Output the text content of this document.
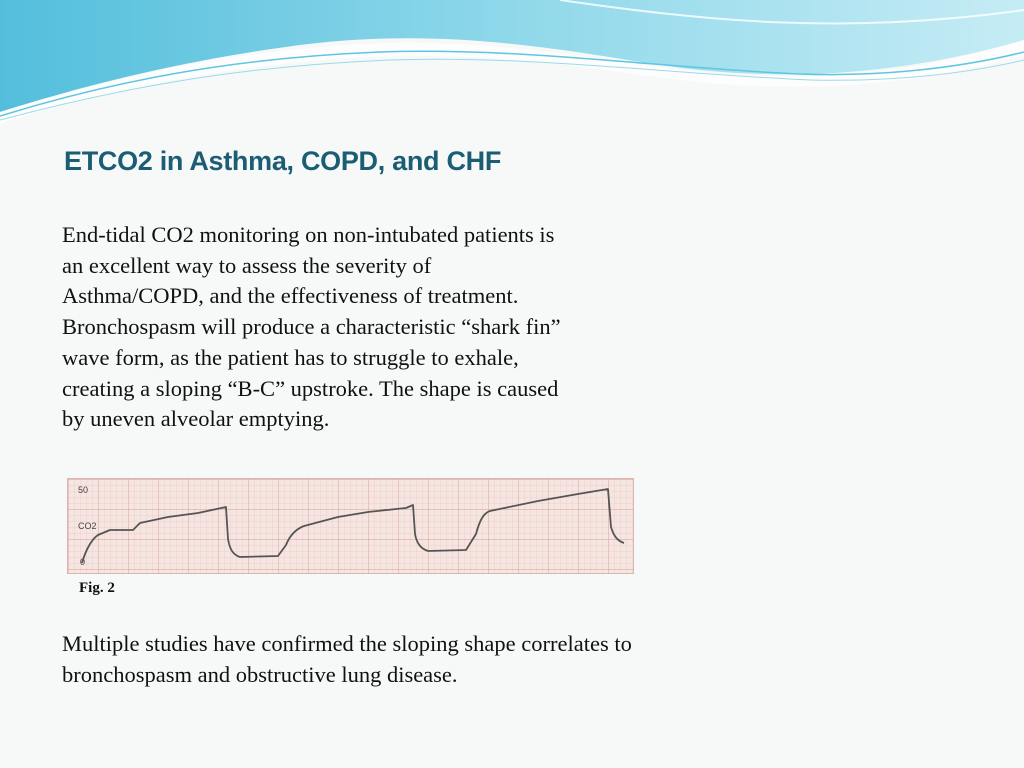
ETCO2 in Asthma, COPD, and CHF

End-tidal CO2 monitoring on non-intubated patients is an excellent way to assess the severity of Asthma/COPD, and the effectiveness of treatment. Bronchospasm will produce a characteristic “shark fin” wave form, as the patient has to struggle to exhale, creating a sloping “B-C” upstroke. The shape is caused by uneven alveolar emptying.

50
CO2
0

Fig. 2

Multiple studies have confirmed the sloping shape correlates to bronchospasm and obstructive lung disease.
